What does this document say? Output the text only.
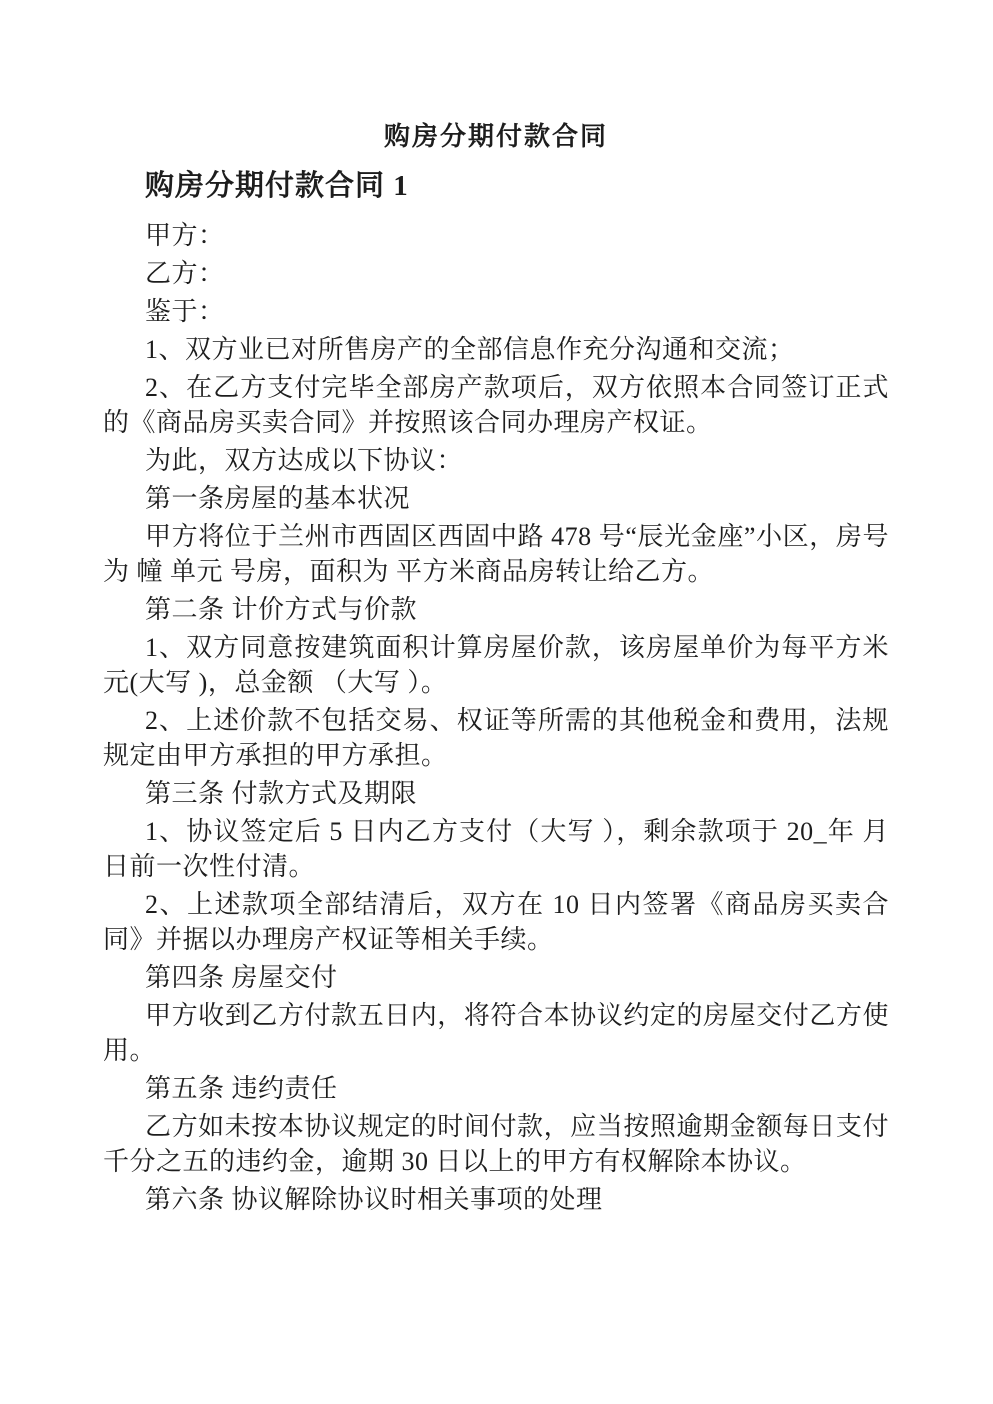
购房分期付款合同
购房分期付款合同 1

甲方：

乙方：

鉴于：

1、双方业已对所售房产的全部信息作充分沟通和交流；

2、在乙方支付完毕全部房产款项后，双方依照本合同签订正式的《商品房买卖合同》并按照该合同办理房产权证。

为此，双方达成以下协议：

第一条房屋的基本状况

甲方将位于兰州市西固区西固中路 478 号“辰光金座”小区，房号为 幢 单元 号房，面积为 平方米商品房转让给乙方。

第二条 计价方式与价款

1、双方同意按建筑面积计算房屋价款，该房屋单价为每平方米 元(大写 )，总金额 （大写 ）。

2、上述价款不包括交易、权证等所需的其他税金和费用，法规规定由甲方承担的甲方承担。

第三条 付款方式及期限

1、协议签定后 5 日内乙方支付（大写 ），剩余款项于 20_年 月 日前一次性付清。

2、上述款项全部结清后，双方在 10 日内签署《商品房买卖合同》并据以办理房产权证等相关手续。

第四条 房屋交付

甲方收到乙方付款五日内，将符合本协议约定的房屋交付乙方使用。

第五条 违约责任

乙方如未按本协议规定的时间付款，应当按照逾期金额每日支付千分之五的违约金，逾期 30 日以上的甲方有权解除本协议。

第六条 协议解除协议时相关事项的处理
